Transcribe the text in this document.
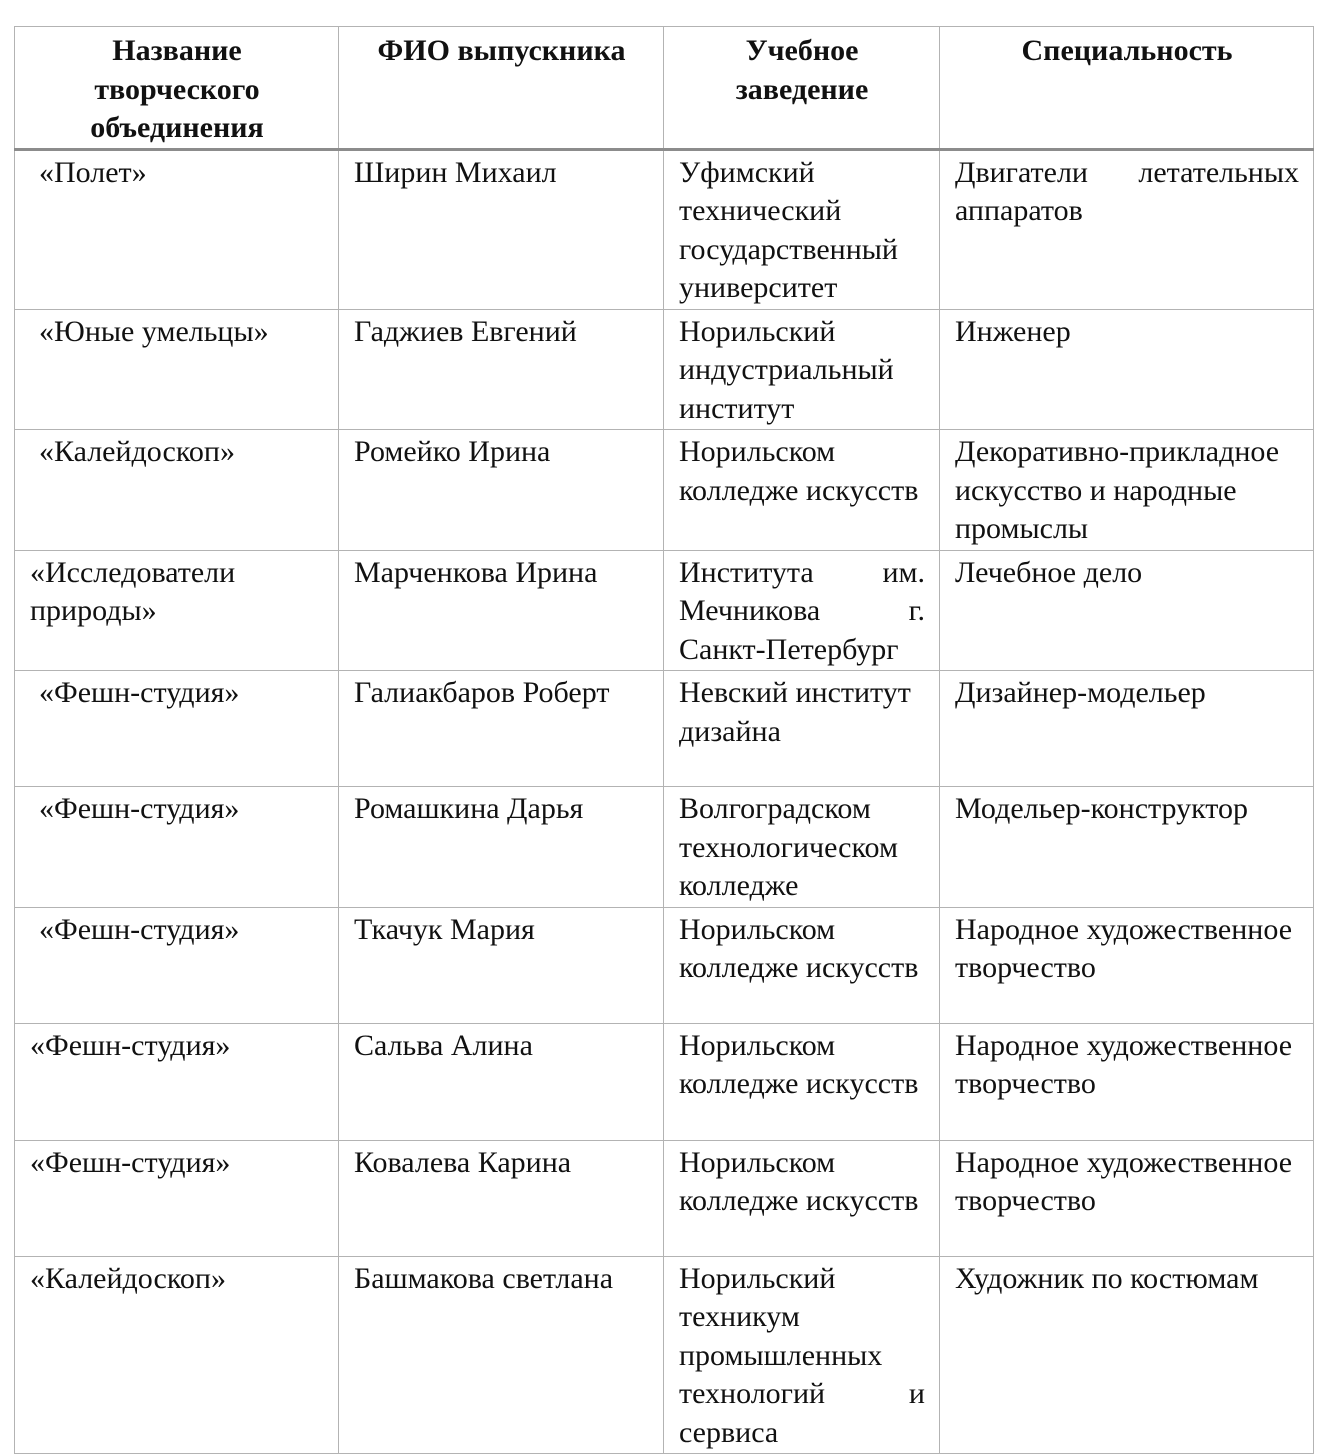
Название творческого объединения	ФИО выпускника	Учебное заведение	Специальность
«Полет»	Ширин Михаил	Уфимский технический государственный университет	Двигатели летательных аппаратов
«Юные умельцы»	Гаджиев Евгений	Норильский индустриальный институт	Инженер
«Калейдоскоп»	Ромейко Ирина	Норильском колледже искусств	Декоративно-прикладное искусство и народные промыслы
«Исследователи природы»	Марченкова Ирина	Института им. Мечникова г. Санкт-Петербург	Лечебное дело
«Фешн-студия»	Галиакбаров Роберт	Невский институт дизайна	Дизайнер-модельер
«Фешн-студия»	Ромашкина Дарья	Волгоградском технологическом колледже	Модельер-конструктор
«Фешн-студия»	Ткачук Мария	Норильском колледже искусств	Народное художественное творчество
«Фешн-студия»	Сальва Алина	Норильском колледже искусств	Народное художественное творчество
«Фешн-студия»	Ковалева Карина	Норильском колледже искусств	Народное художественное творчество
«Калейдоскоп»	Башмакова светлана	Норильский техникум промышленных технологий и сервиса	Художник по костюмам
